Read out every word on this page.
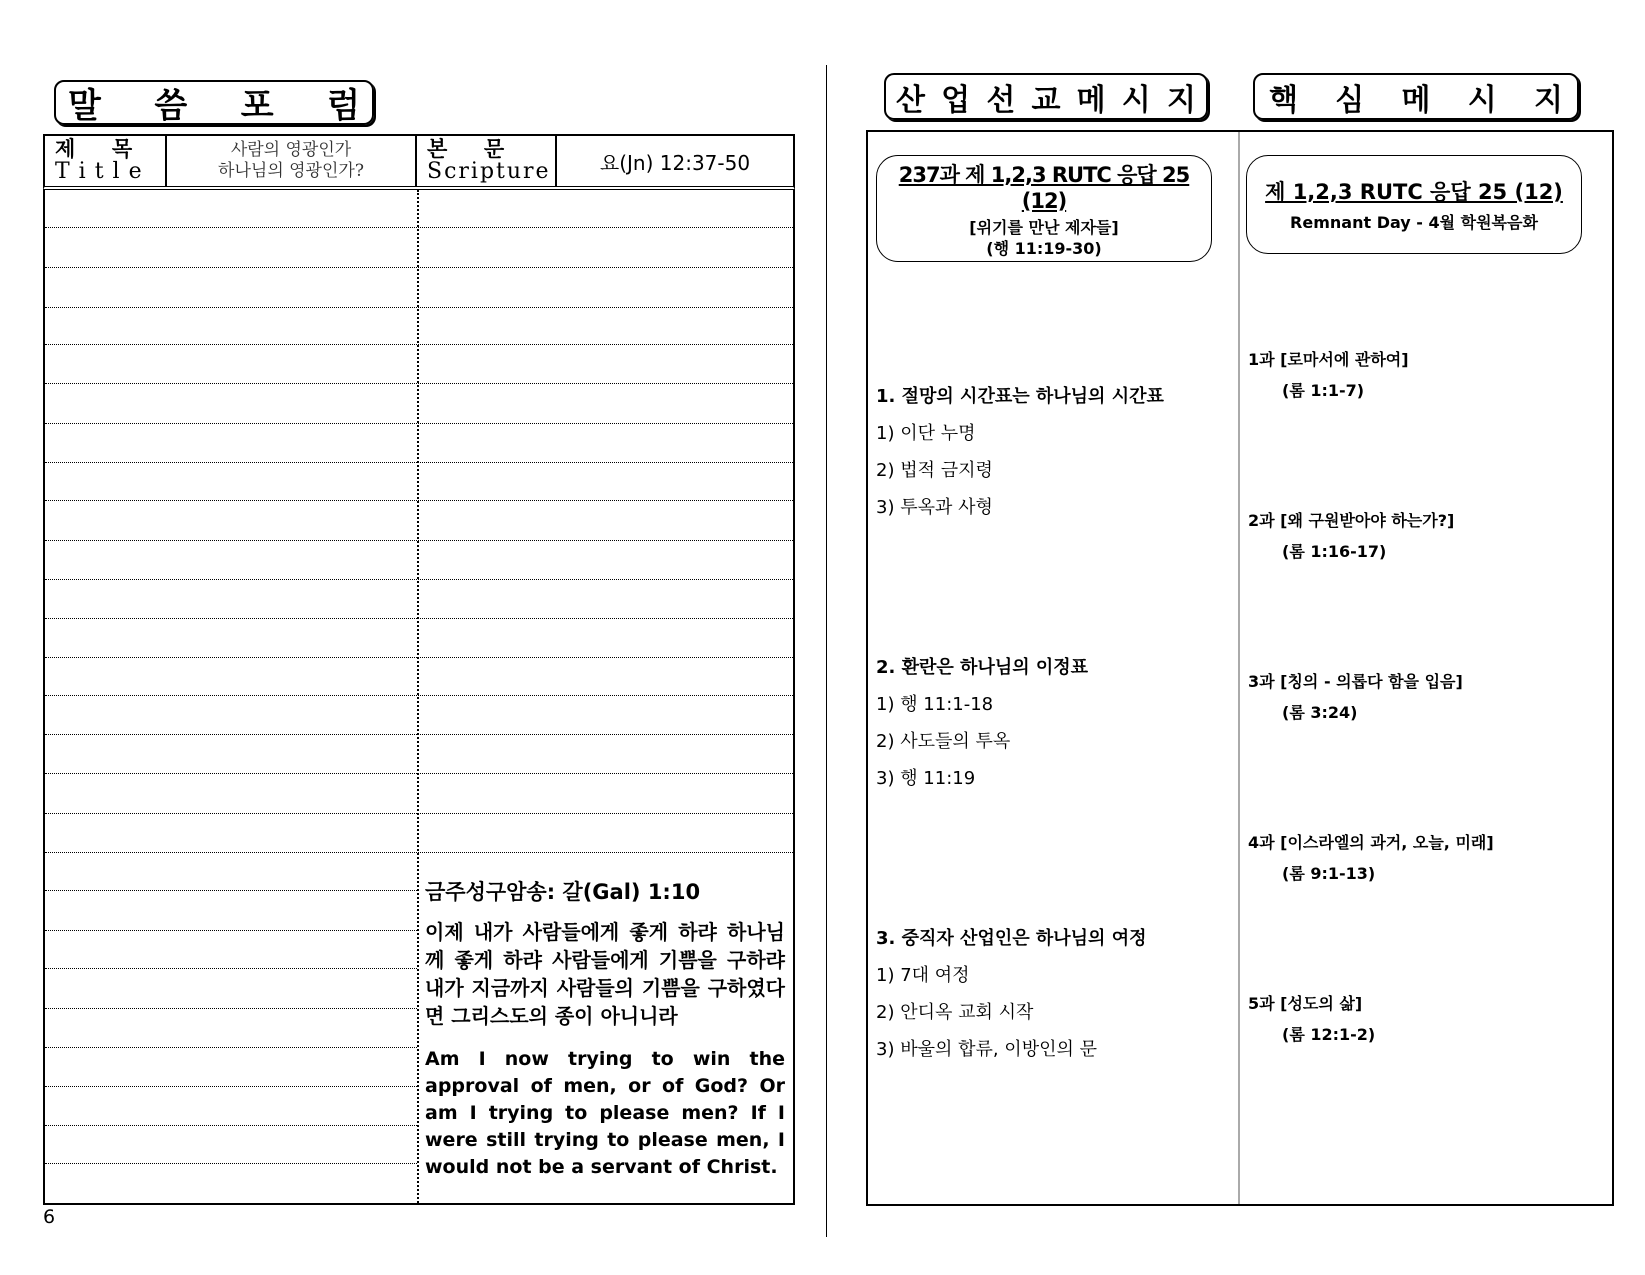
말 씀 포 럼
제     목
Title
사람의 영광인가
하나님의 영광인가?
본     문
Scripture 요(Jn) 12:37-50
금주성구암송: 갈(Gal) 1:10
이제 내가 사람들에게 좋게 하랴 하나님께 좋게 하랴 사람들에게 기쁨을 구하랴 내가 지금까지 사람들의 기쁨을 구하였다면 그리스도의 종이 아니니라
Am I now trying to win the approval of men, or of God? Or am I trying to please men? If I were still trying to please men, I would not be a servant of Christ.
6
산 업 선 교 메 시 지 핵 심 메 시 지
237과 제 1,2,3 RUTC 응답 25 (12)
[위기를 만난 제자들]
(행 11:19-30)
제 1,2,3 RUTC 응답 25 (12)
Remnant Day - 4월 학원복음화
1. 절망의 시간표는 하나님의 시간표
1) 이단 누명
2) 법적 금지령
3) 투옥과 사형
2. 환란은 하나님의 이정표
1) 행 11:1-18
2) 사도들의 투옥
3) 행 11:19
3. 중직자 산업인은 하나님의 여정
1) 7대 여정
2) 안디옥 교회 시작
3) 바울의 합류, 이방인의 문
1과 [로마서에 관하여]
(롬 1:1-7)
2과 [왜 구원받아야 하는가?]
(롬 1:16-17)
3과 [칭의 - 의롭다 함을 입음]
(롬 3:24)
4과 [이스라엘의 과거, 오늘, 미래]
(롬 9:1-13)
5과 [성도의 삶]
(롬 12:1-2)
